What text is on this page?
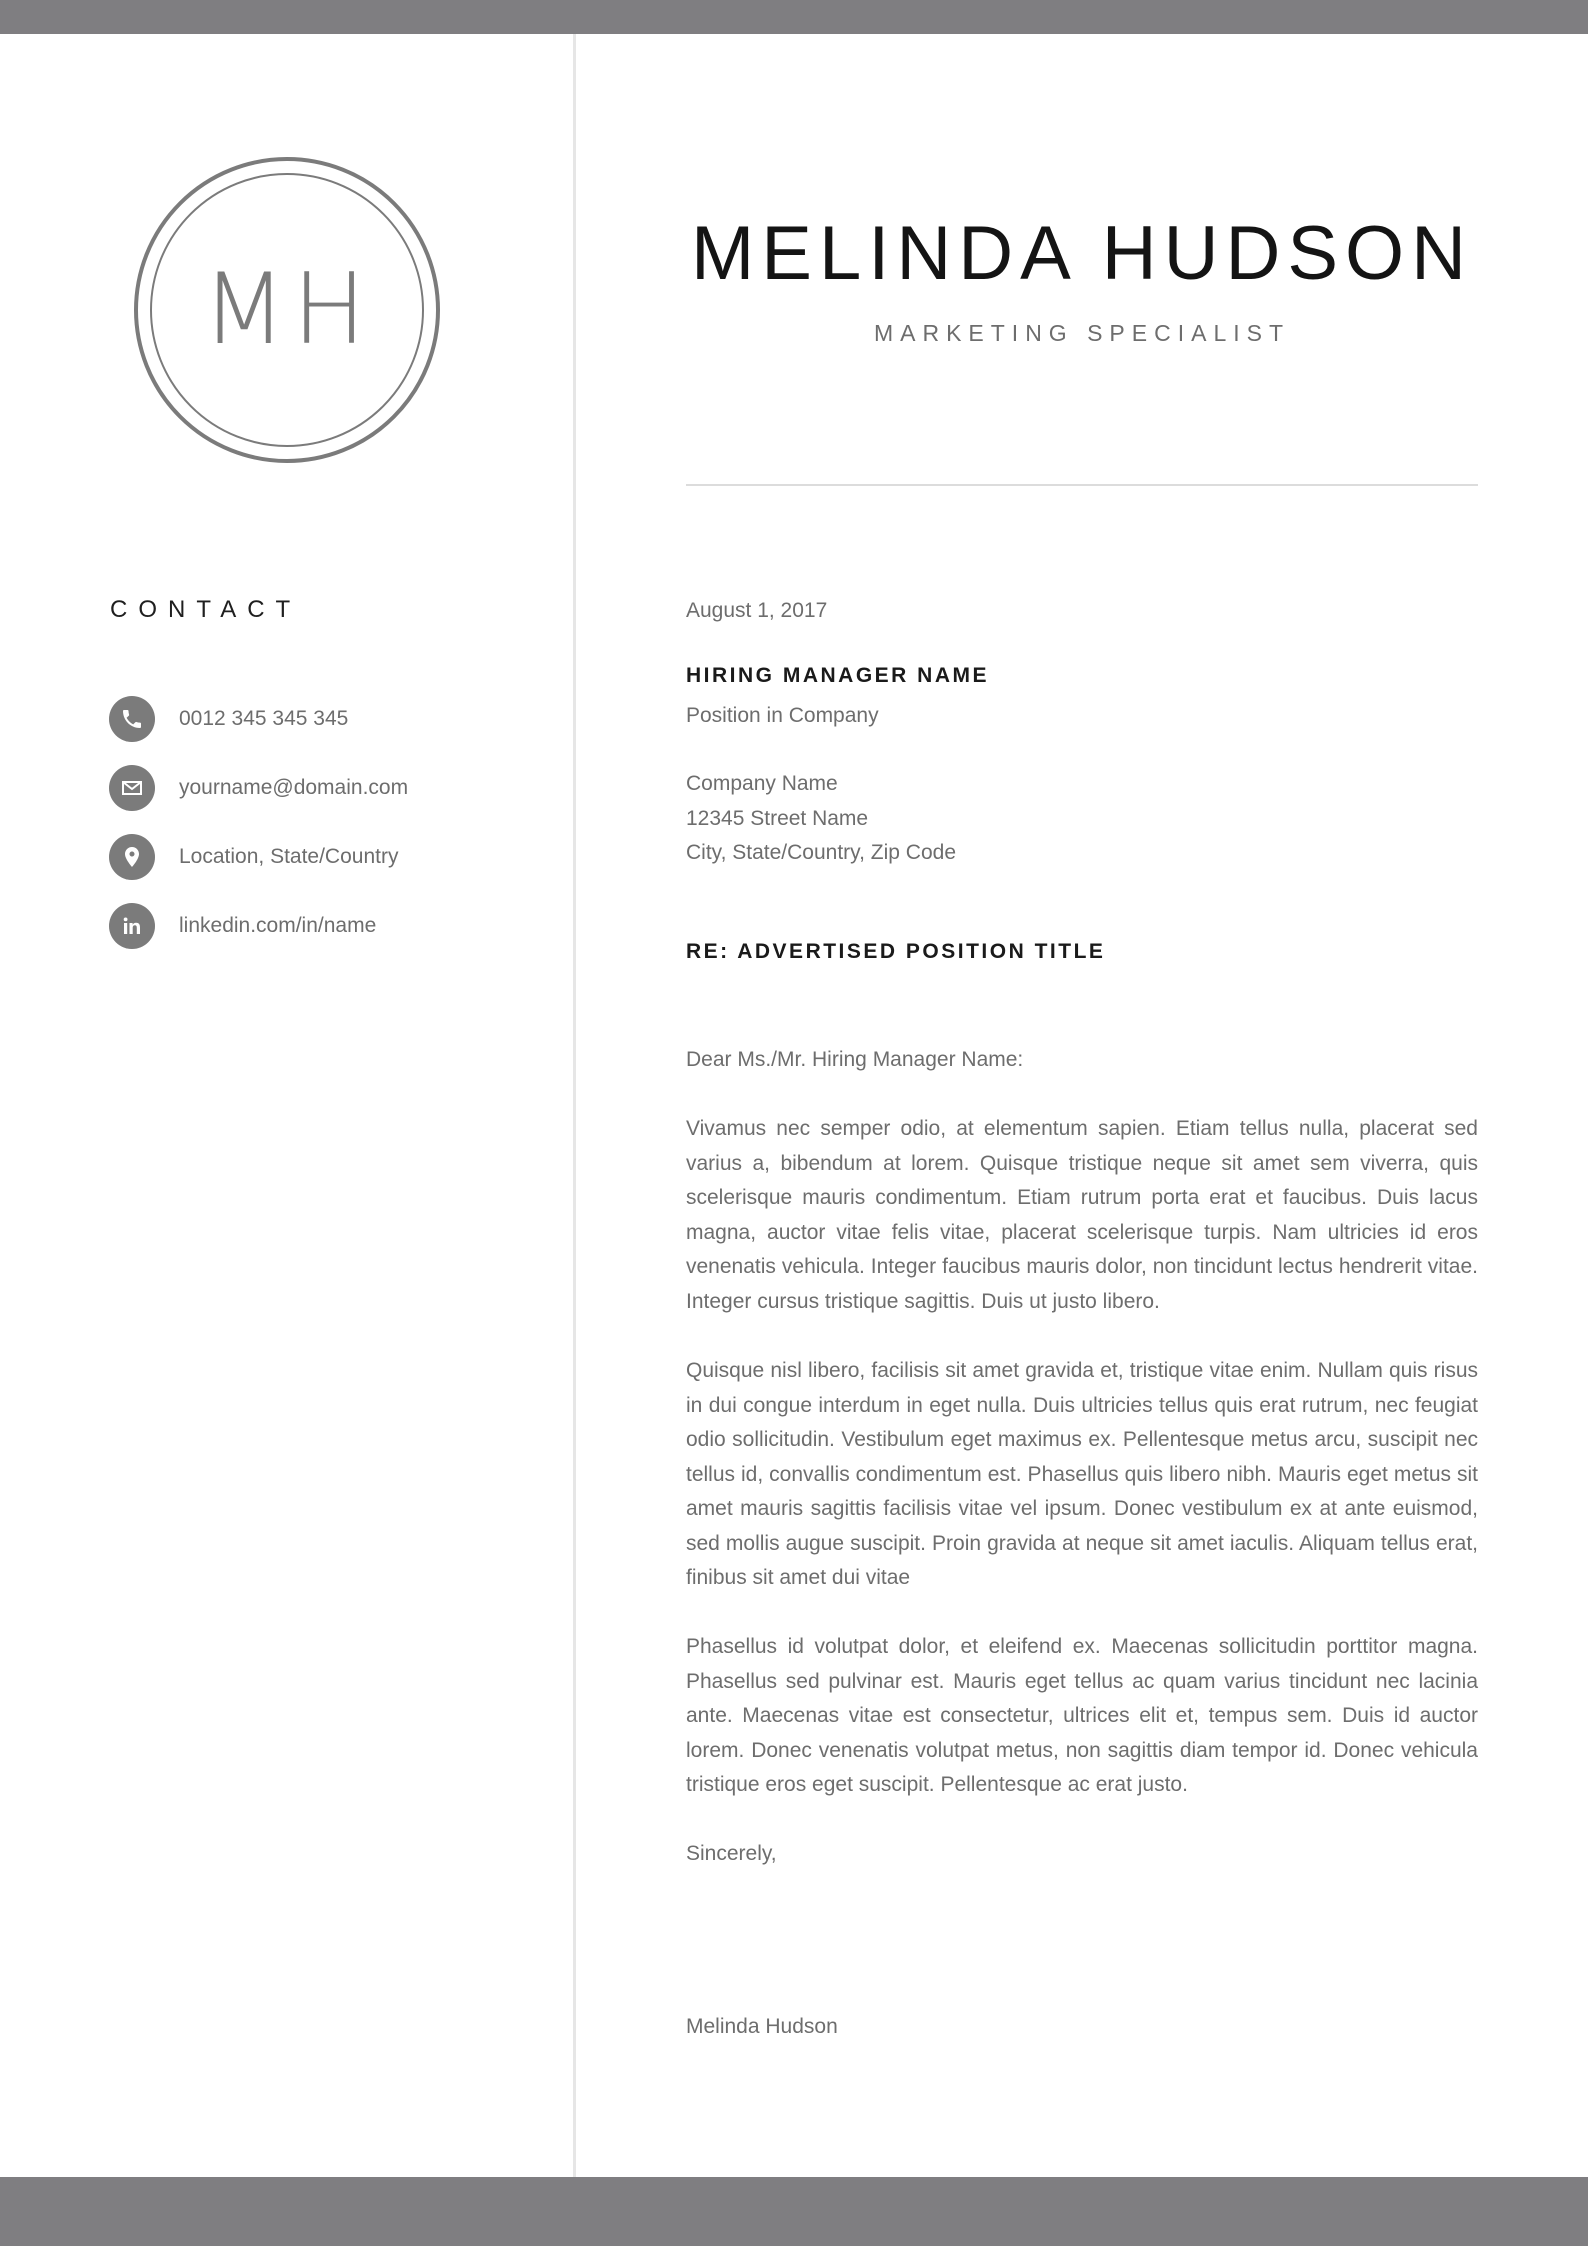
MH
CONTACT
0012 345 345 345
yourname@domain.com
Location, State/Country
linkedin.com/in/name
MELINDA HUDSON
MARKETING SPECIALIST
August 1, 2017
HIRING MANAGER NAME
Position in Company
Company Name
12345 Street Name
City, State/Country, Zip Code
RE: ADVERTISED POSITION TITLE
Dear Ms./Mr. Hiring Manager Name:
Vivamus nec semper odio, at elementum sapien. Etiam tellus nulla, placerat sed varius a, bibendum at lorem. Quisque tristique neque sit amet sem viverra, quis scelerisque mauris condimentum. Etiam rutrum porta erat et faucibus. Duis lacus magna, auctor vitae felis vitae, placerat scelerisque turpis. Nam ultricies id eros venenatis vehicula. Integer faucibus mauris dolor, non tincidunt lectus hendrerit vitae. Integer cursus tristique sagittis. Duis ut justo libero.
Quisque nisl libero, facilisis sit amet gravida et, tristique vitae enim. Nullam quis risus in dui congue interdum in eget nulla. Duis ultricies tellus quis erat rutrum, nec feugiat odio sollicitudin. Vestibulum eget maximus ex. Pellentesque metus arcu, suscipit nec tellus id, convallis condimentum est. Phasellus quis libero nibh. Mauris eget metus sit amet mauris sagittis facilisis vitae vel ipsum. Donec vestibulum ex at ante euismod, sed mollis augue suscipit. Proin gravida at neque sit amet iaculis. Aliquam tellus erat, finibus sit amet dui vitae
Phasellus id volutpat dolor, et eleifend ex. Maecenas sollicitudin porttitor magna. Phasellus sed pulvinar est. Mauris eget tellus ac quam varius tincidunt nec lacinia ante. Maecenas vitae est consectetur, ultrices elit et, tempus sem. Duis id auctor lorem. Donec venenatis volutpat metus, non sagittis diam tempor id. Donec vehicula tristique eros eget suscipit. Pellentesque ac erat justo.
Sincerely,
Melinda Hudson
